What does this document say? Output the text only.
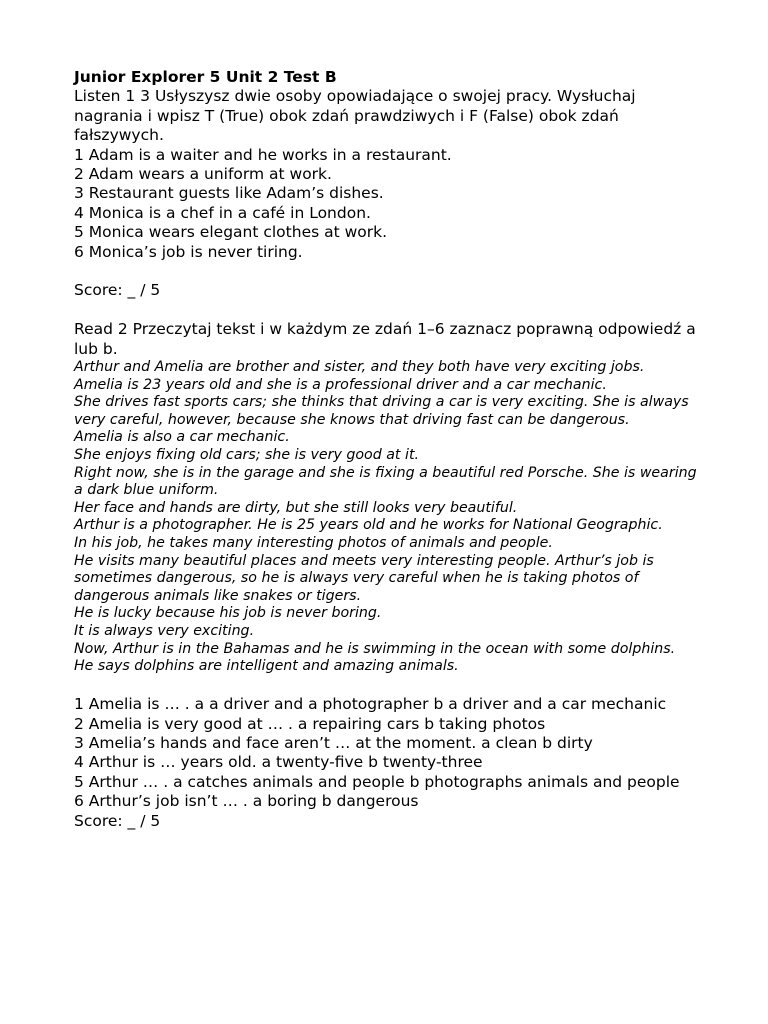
Junior Explorer 5 Unit 2 Test B

Listen 1 3 Usłyszysz dwie osoby opowiadające o swojej pracy. Wysłuchaj nagrania i wpisz T (True) obok zdań prawdziwych i F (False) obok zdań fałszywych.

1 Adam is a waiter and he works in a restaurant.
2 Adam wears a uniform at work.
3 Restaurant guests like Adam’s dishes.
4 Monica is a chef in a café in London.
5 Monica wears elegant clothes at work.
6 Monica’s job is never tiring.

Score: _ / 5

Read 2 Przeczytaj tekst i w każdym ze zdań 1–6 zaznacz poprawną odpowiedź a lub b.

Arthur and Amelia are brother and sister, and they both have very exciting jobs.

Amelia is 23 years old and she is a professional driver and a car mechanic.

She drives fast sports cars; she thinks that driving a car is very exciting. She is always very careful, however, because she knows that driving fast can be dangerous.

Amelia is also a car mechanic.

She enjoys fixing old cars; she is very good at it.

Right now, she is in the garage and she is fixing a beautiful red Porsche. She is wearing a dark blue uniform.

Her face and hands are dirty, but she still looks very beautiful.

Arthur is a photographer. He is 25 years old and he works for National Geographic.

In his job, he takes many interesting photos of animals and people.

He visits many beautiful places and meets very interesting people. Arthur’s job is sometimes dangerous, so he is always very careful when he is taking photos of dangerous animals like snakes or tigers.

He is lucky because his job is never boring.

It is always very exciting.

Now, Arthur is in the Bahamas and he is swimming in the ocean with some dolphins.

He says dolphins are intelligent and amazing animals.

1 Amelia is … . a a driver and a photographer b a driver and a car mechanic
2 Amelia is very good at … . a repairing cars b taking photos
3 Amelia’s hands and face aren’t … at the moment. a clean b dirty
4 Arthur is … years old. a twenty-five b twenty-three
5 Arthur … . a catches animals and people b photographs animals and people
6 Arthur’s job isn’t … . a boring b dangerous

Score: _ / 5
